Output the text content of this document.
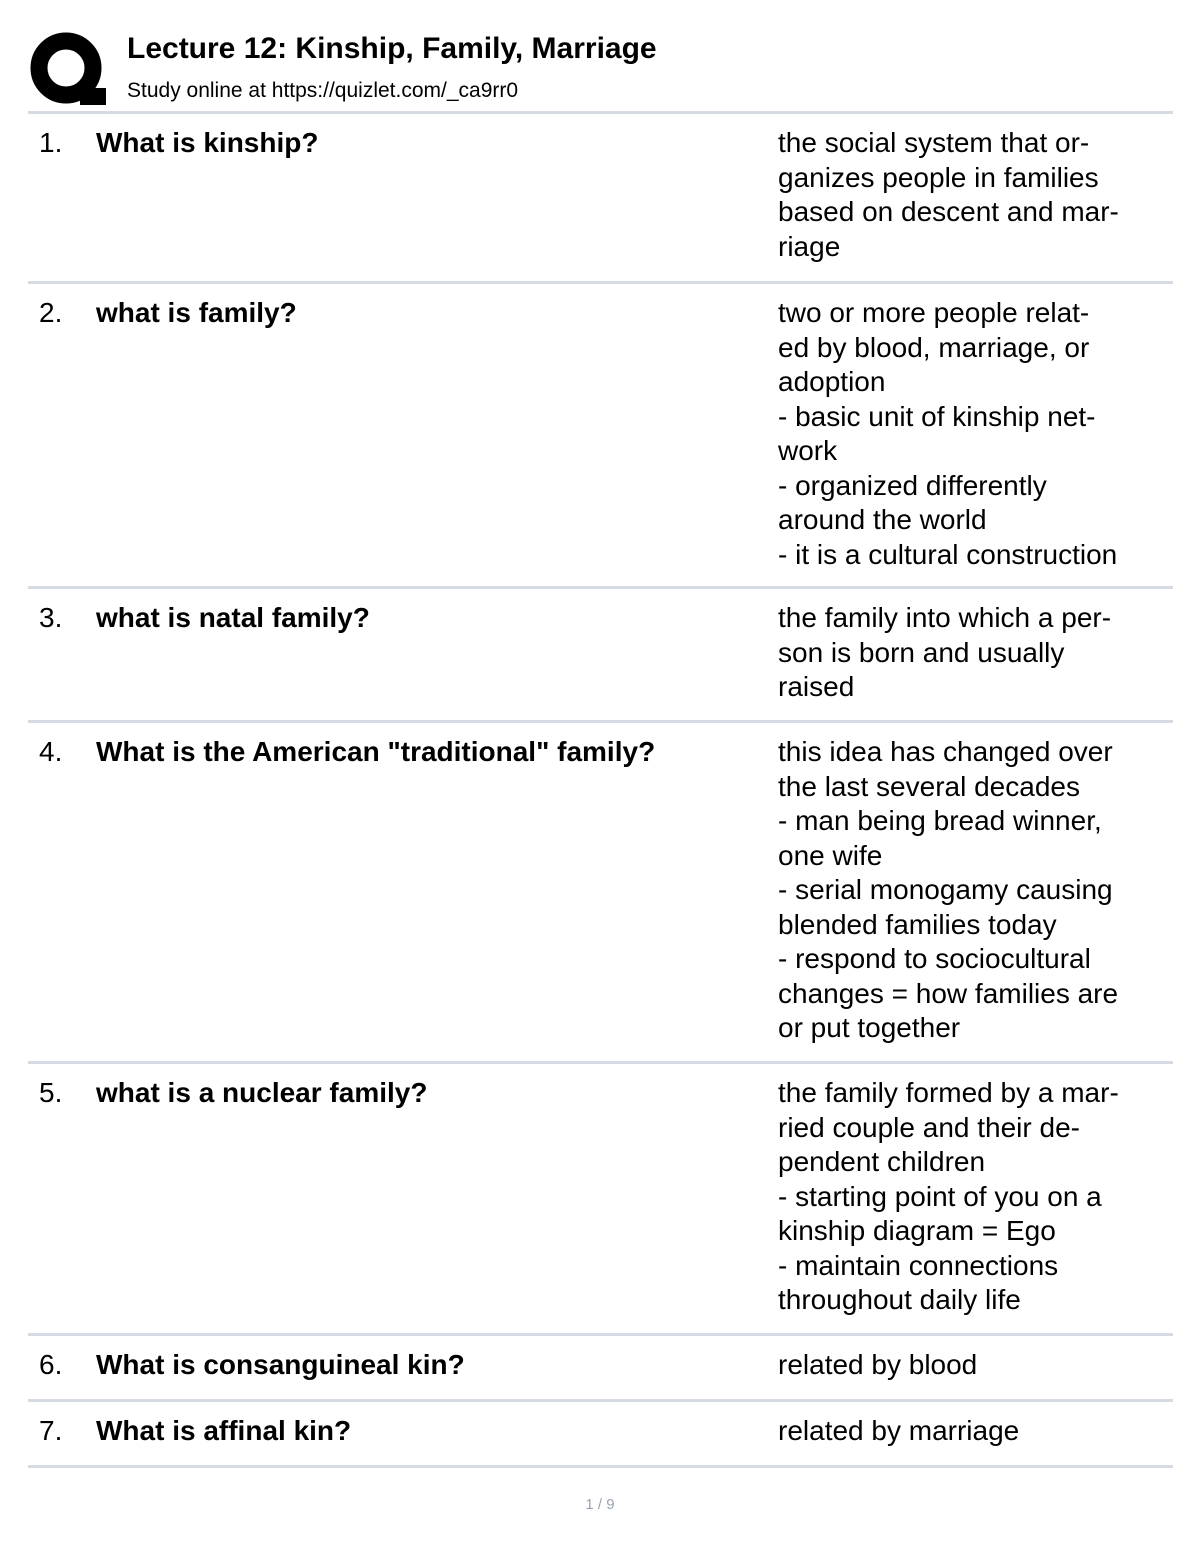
Lecture 12: Kinship, Family, Marriage
Study online at https://quizlet.com/_ca9rr0
1. What is kinship?	the social system that or-
ganizes people in families
based on descent and mar-
riage
2. what is family?	two or more people relat-
ed by blood, marriage, or
adoption
- basic unit of kinship net-
work
- organized differently
around the world
- it is a cultural construction
3. what is natal family?	the family into which a per-
son is born and usually
raised
4. What is the American "traditional" family?	this idea has changed over
the last several decades
- man being bread winner,
one wife
- serial monogamy causing
blended families today
- respond to sociocultural
changes = how families are
or put together
5. what is a nuclear family?	the family formed by a mar-
ried couple and their de-
pendent children
- starting point of you on a
kinship diagram = Ego
- maintain connections
throughout daily life
6. What is consanguineal kin?	related by blood
7. What is affinal kin?	related by marriage
1 / 9
